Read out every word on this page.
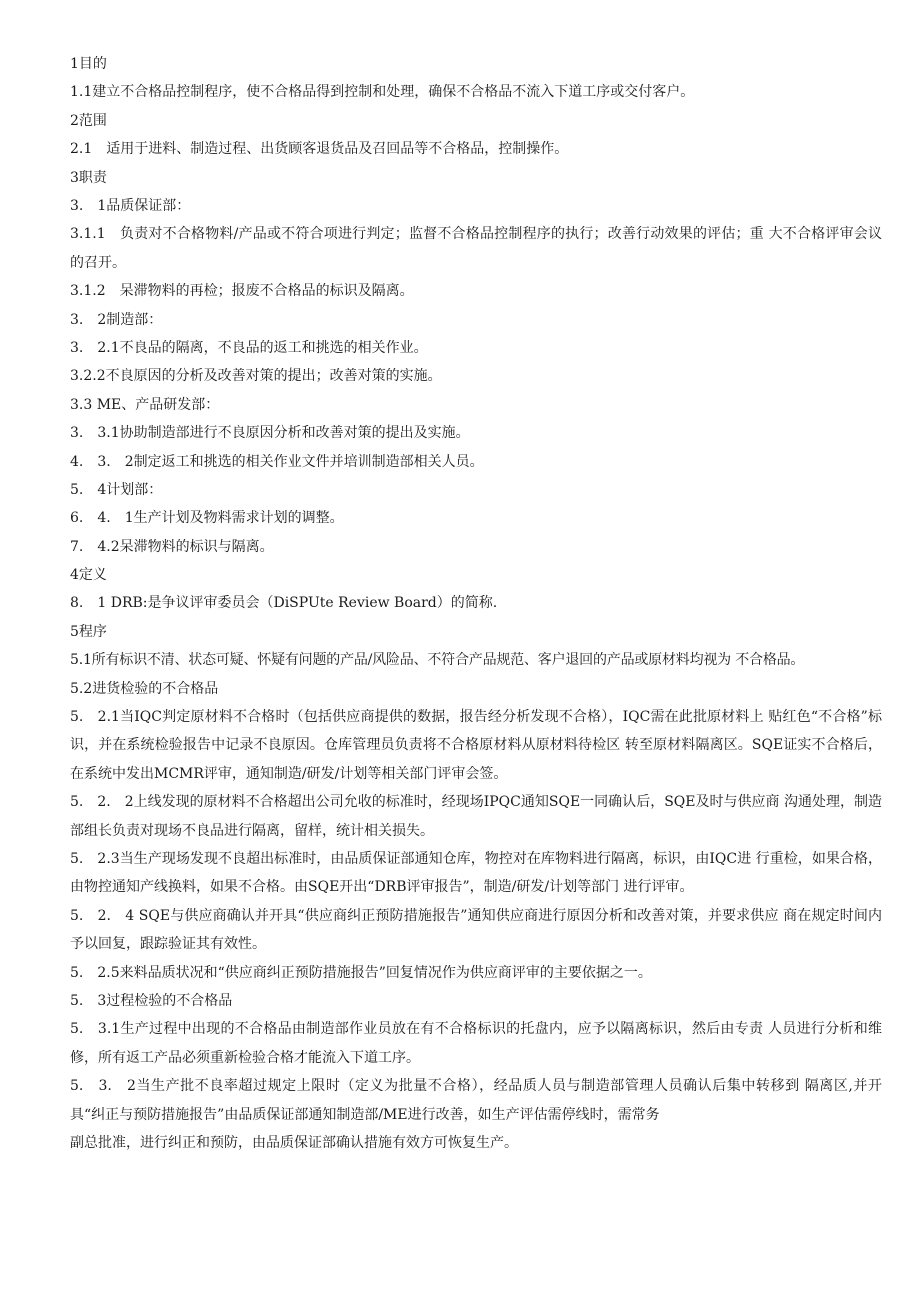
1目的

1.1建立不合格品控制程序，使不合格品得到控制和处理，确保不合格品不流入下道工序或交付客户。

2范围

2.1　适用于进料、制造过程、出货顾客退货品及召回品等不合格品，控制操作。

3职责

3.　1品质保证部：

3.1.1　负责对不合格物料/产品或不符合项进行判定；监督不合格品控制程序的执行；改善行动效果的评估；重 大不合格评审会议的召开。

3.1.2　呆滞物料的再检；报废不合格品的标识及隔离。

3.　2制造部：

3.　2.1不良品的隔离，不良品的返工和挑选的相关作业。

3.2.2不良原因的分析及改善对策的提出；改善对策的实施。

3.3 ME、产品研发部：

3.　3.1协助制造部进行不良原因分析和改善对策的提出及实施。

4.　3.　2制定返工和挑选的相关作业文件并培训制造部相关人员。

5.　4计划部：

6.　4.　1生产计划及物料需求计划的调整。

7.　4.2呆滞物料的标识与隔离。

4定义

8.　1 DRB:是争议评审委员会（DiSPUte Review Board）的简称.

5程序

5.1所有标识不清、状态可疑、怀疑有问题的产品/风险品、不符合产品规范、客户退回的产品或原材料均视为 不合格品。

5.2进货检验的不合格品

5.　2.1当IQC判定原材料不合格时（包括供应商提供的数据，报告经分析发现不合格），IQC需在此批原材料上 贴红色“不合格”标识，并在系统检验报告中记录不良原因。仓库管理员负责将不合格原材料从原材料待检区 转至原材料隔离区。SQE证实不合格后，在系统中发出MCMR评审，通知制造/研发/计划等相关部门评审会签。

5.　2.　2上线发现的原材料不合格超出公司允收的标准时，经现场IPQC通知SQE一同确认后，SQE及时与供应商 沟通处理，制造部组长负责对现场不良品进行隔离，留样，统计相关损失。

5.　2.3当生产现场发现不良超出标准时，由品质保证部通知仓库，物控对在库物料进行隔离，标识，由IQC进 行重检，如果合格，由物控通知产线换料，如果不合格。由SQE开出“DRB评审报告”，制造/研发/计划等部门 进行评审。

5.　2.　4 SQE与供应商确认并开具“供应商纠正预防措施报告”通知供应商进行原因分析和改善对策，并要求供应 商在规定时间内予以回复，跟踪验证其有效性。

5.　2.5来料品质状况和“供应商纠正预防措施报告”回复情况作为供应商评审的主要依据之一。

5.　3过程检验的不合格品

5.　3.1生产过程中出现的不合格品由制造部作业员放在有不合格标识的托盘内，应予以隔离标识，然后由专责 人员进行分析和维修，所有返工产品必须重新检验合格才能流入下道工序。

5.　3.　2当生产批不良率超过规定上限时（定义为批量不合格），经品质人员与制造部管理人员确认后集中转移到 隔离区,并开具“纠正与预防措施报告”由品质保证部通知制造部/ME进行改善，如生产评估需停线时，需常务

副总批准，进行纠正和预防，由品质保证部确认措施有效方可恢复生产。
